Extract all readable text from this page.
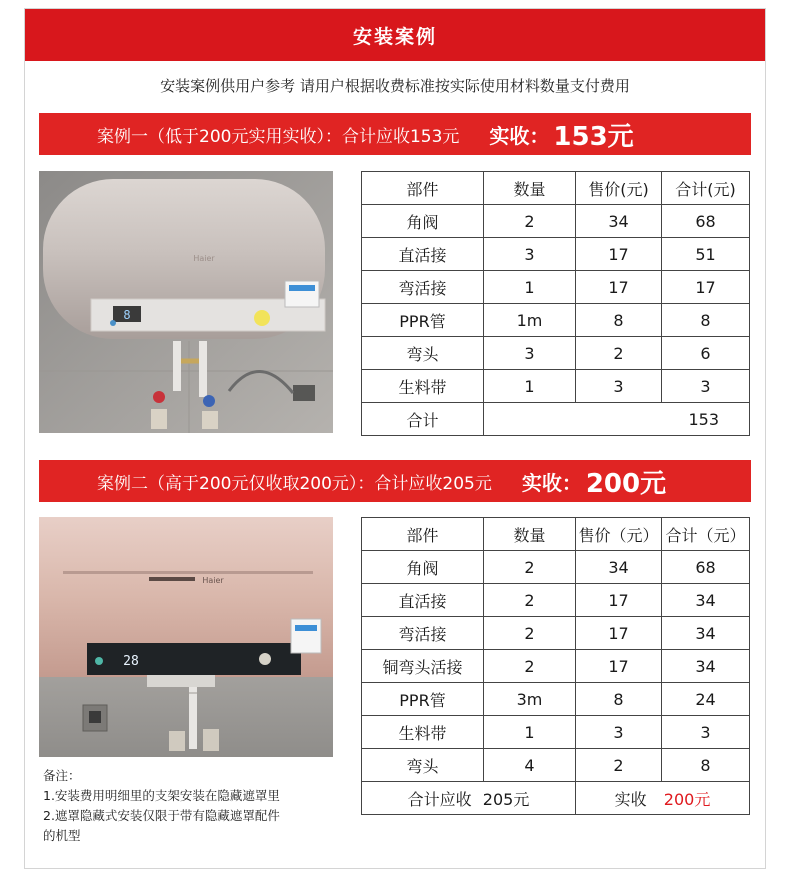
安装案例
安装案例供用户参考 请用户根据收费标准按实际使用材料数量支付费用
案例一（低于200元实用实收）：合计应收153元 实收： 153元
8
Haier
部件	数量	售价(元)	合计(元)
角阀	2	34	68
直活接	3	17	51
弯活接	1	17	17
PPR管	1m	8	8
弯头	3	2	6
生料带	1	3	3
合计	153		
案例二（高于200元仅收取200元）：合计应收205元 实收： 200元
Haier
28
部件	数量	售价（元）	合计（元）
角阀	2	34	68
直活接	2	17	34
弯活接	2	17	34
铜弯头活接	2	17	34
PPR管	3m	8	24
生料带	1	3	3
弯头	4	2	8
合计应收 205元		实收 200元	
备注：
1.安装费用明细里的支架安装在隐藏遮罩里
2.遮罩隐藏式安装仅限于带有隐藏遮罩配件
的机型
